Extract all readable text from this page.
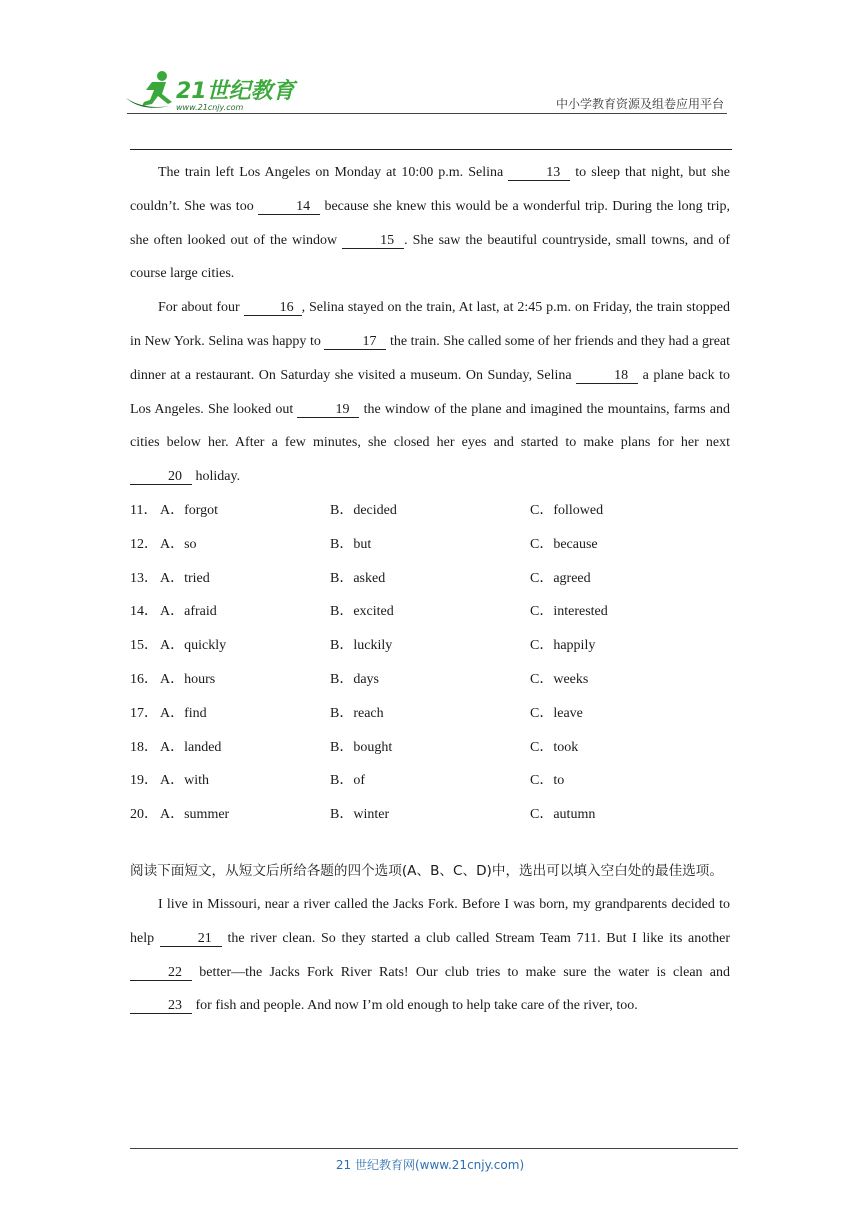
21世纪教育
www.21cnjy.com	中小学教育资源及组卷应用平台

The train left Los Angeles on Monday at 10:00 p.m. Selina	13 to sleep that night, but she couldn’t. She was too	14 because she knew this would be a wonderful trip. During the long trip, she often looked out of the window	15 . She saw the beautiful countryside, small towns, and of course large cities.

For about four	16 , Selina stayed on the train, At last, at 2:45 p.m. on Friday, the train stopped in New York. Selina was happy to	17 the train. She called some of her friends and they had a great dinner at a restaurant. On Saturday she visited a museum. On Sunday, Selina	18 a plane back to Los Angeles. She looked out	19 the window of the plane and imagined the mountains, farms and cities below her. After a few minutes, she closed her eyes and started to make plans for her next 20 holiday.

11． A．forgot	B．decided	C．followed
12． A．so	B．but	C．because
13． A．tried	B．asked	C．agreed
14． A．afraid	B．excited	C．interested
15． A．quickly	B．luckily	C．happily
16． A．hours	B．days	C．weeks
17． A．find	B．reach	C．leave
18． A．landed	B．bought	C．took
19． A．with	B．of	C．to
20． A．summer	B．winter	C．autumn
阅读下面短文，从短文后所给各题的四个选项(A、B、C、D)中，选出可以填入空白处的最佳选项。

I live in Missouri, near a river called the Jacks Fork. Before I was born, my grandparents decided to help	21 the river clean. So they started a club called Stream Team 711. But I like its another 22 better—the Jacks Fork River Rats! Our club tries to make sure the water is clean and 23 for fish and people. And now I’m old enough to help take care of the river, too.

21 世纪教育网(www.21cnjy.com)
